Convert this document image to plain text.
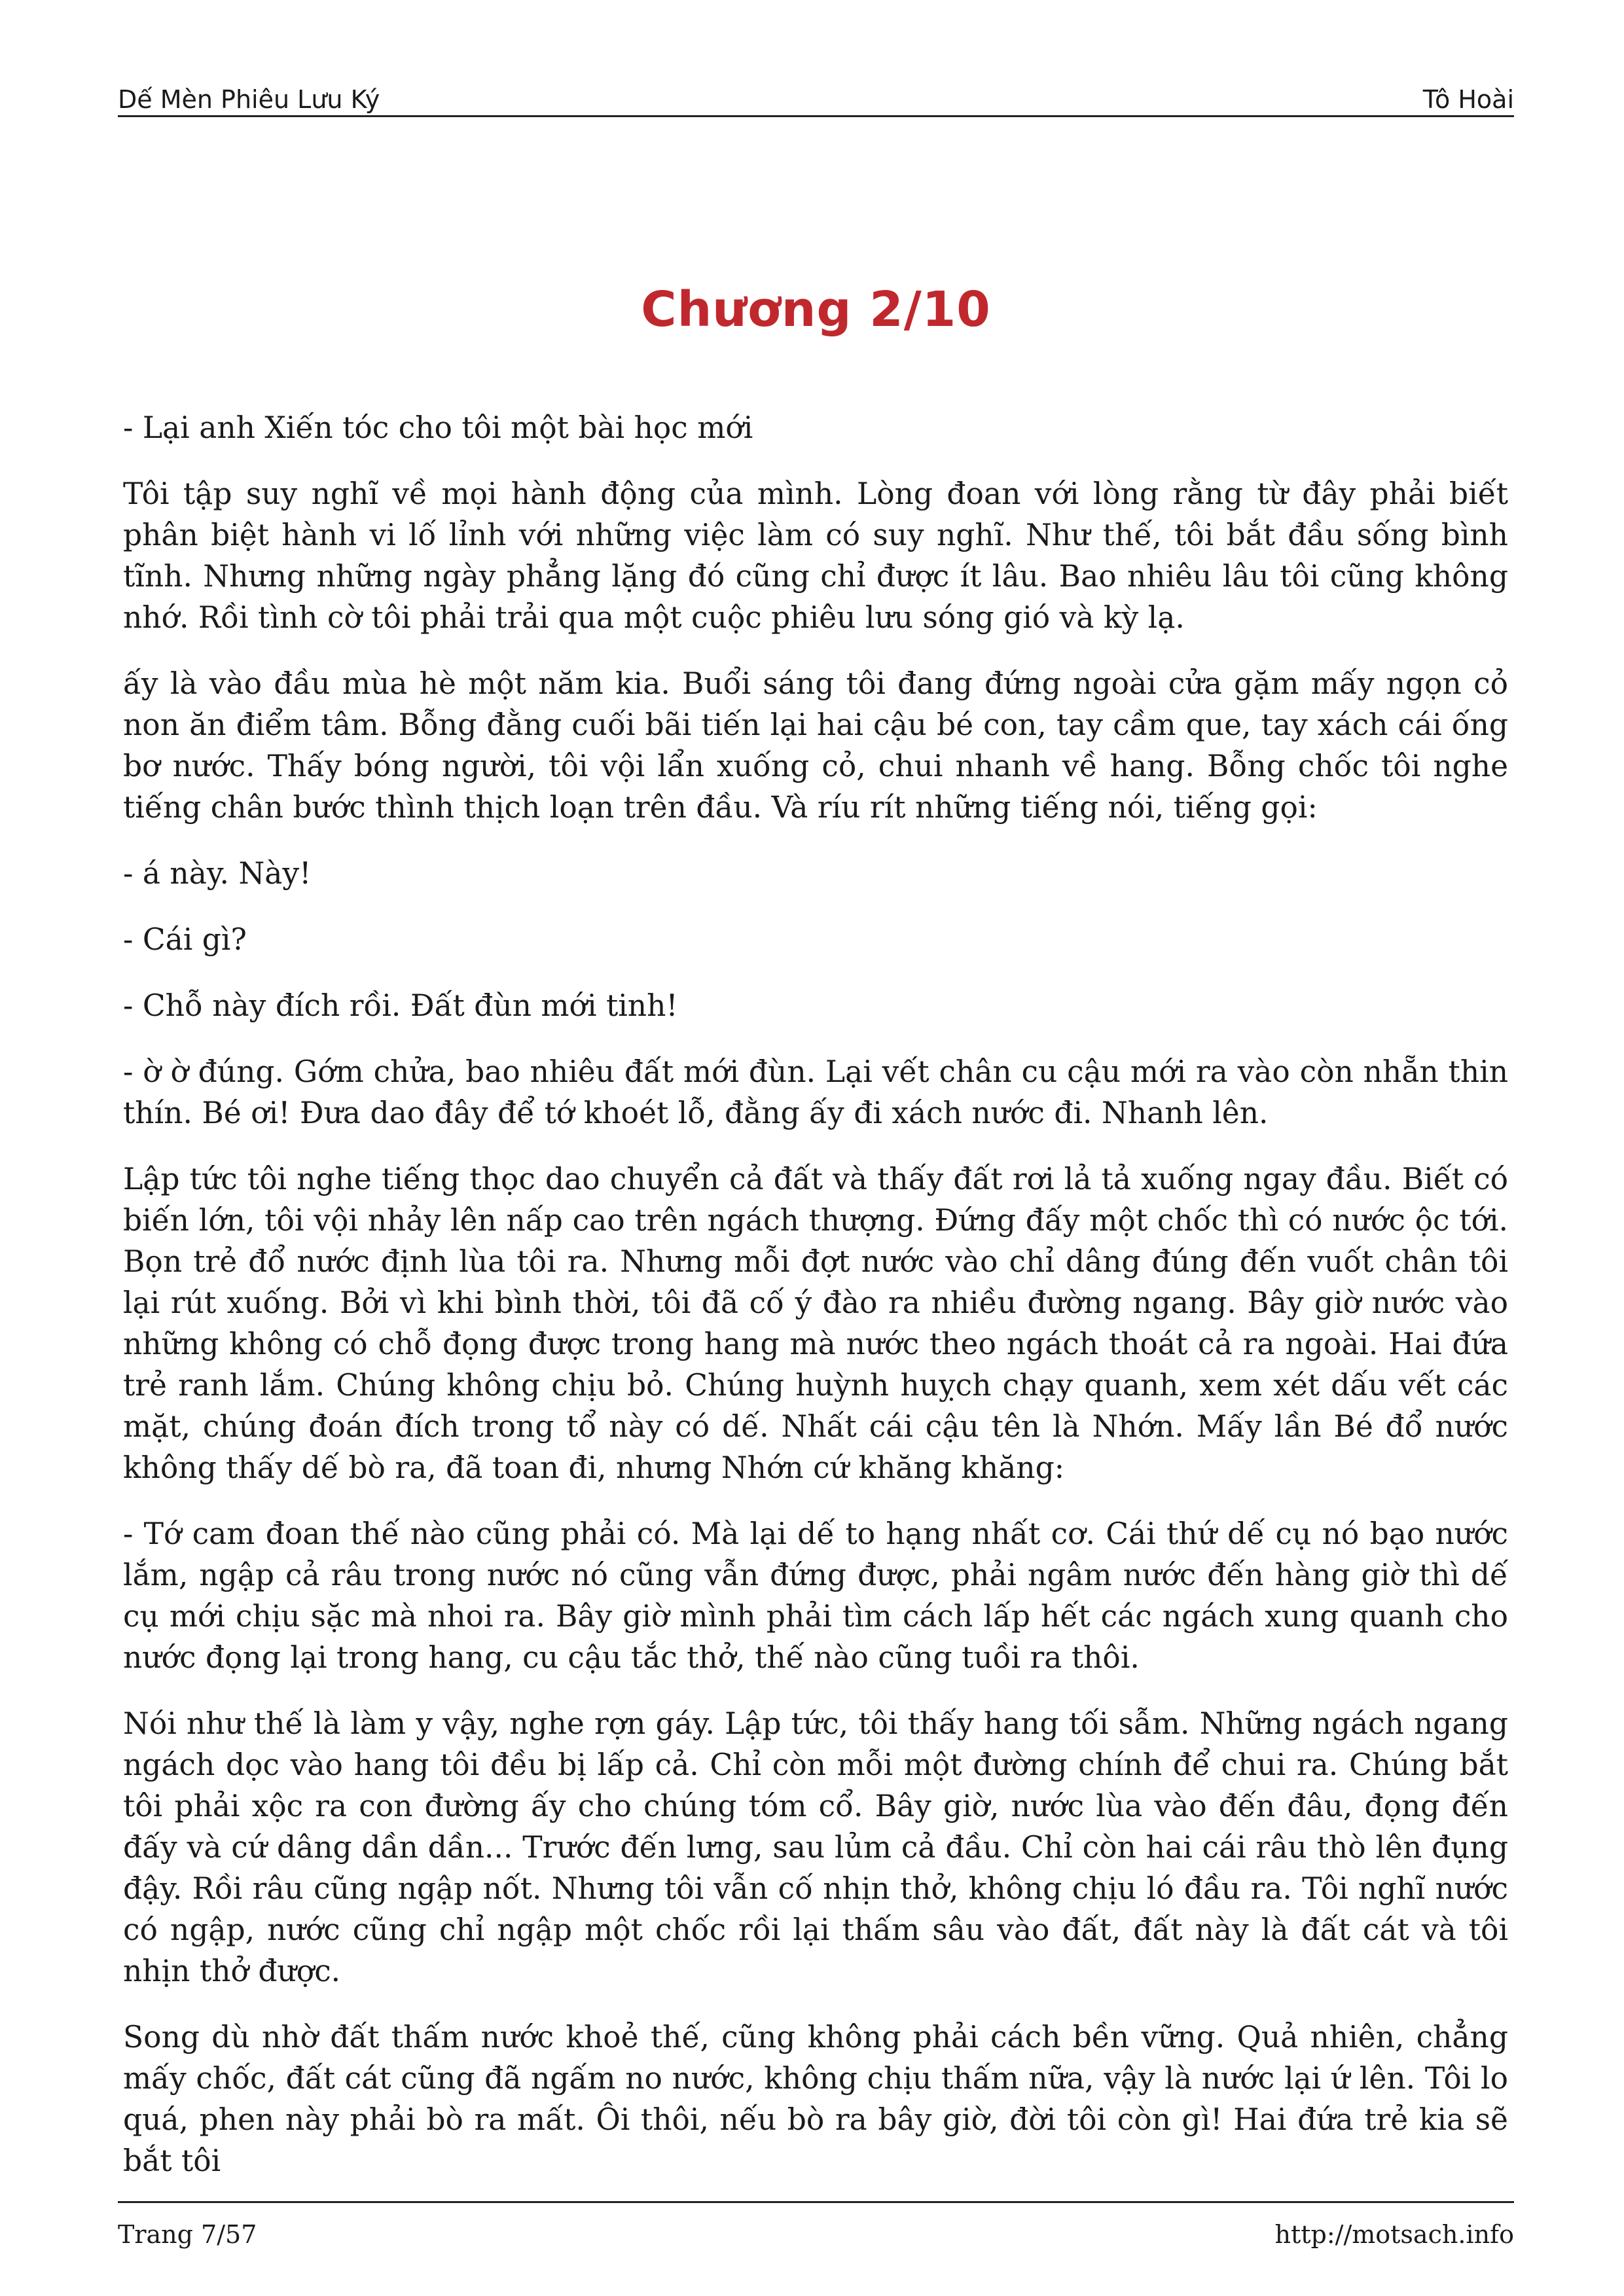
Dế Mèn Phiêu Lưu Ký	Tô Hoài
Chương 2/10

- Lại anh Xiến tóc cho tôi một bài học mới

Tôi tập suy nghĩ về mọi hành động của mình. Lòng đoan với lòng rằng từ đây phải biết phân biệt hành vi lố lỉnh với những việc làm có suy nghĩ. Như thế, tôi bắt đầu sống bình tĩnh. Nhưng những ngày phẳng lặng đó cũng chỉ được ít lâu. Bao nhiêu lâu tôi cũng không nhớ. Rồi tình cờ tôi phải trải qua một cuộc phiêu lưu sóng gió và kỳ lạ.

ấy là vào đầu mùa hè một năm kia. Buổi sáng tôi đang đứng ngoài cửa gặm mấy ngọn cỏ non ăn điểm tâm. Bỗng đằng cuối bãi tiến lại hai cậu bé con, tay cầm que, tay xách cái ống bơ nước. Thấy bóng người, tôi vội lẩn xuống cỏ, chui nhanh về hang. Bỗng chốc tôi nghe tiếng chân bước thình thịch loạn trên đầu. Và ríu rít những tiếng nói, tiếng gọi:

- á này. Này!

- Cái gì?

- Chỗ này đích rồi. Đất đùn mới tinh!

- ờ ờ đúng. Gớm chửa, bao nhiêu đất mới đùn. Lại vết chân cu cậu mới ra vào còn nhẵn thin thín. Bé ơi! Đưa dao đây để tớ khoét lỗ, đằng ấy đi xách nước đi. Nhanh lên.

Lập tức tôi nghe tiếng thọc dao chuyển cả đất và thấy đất rơi lả tả xuống ngay đầu. Biết có biến lớn, tôi vội nhảy lên nấp cao trên ngách thượng. Đứng đấy một chốc thì có nước ộc tới. Bọn trẻ đổ nước định lùa tôi ra. Nhưng mỗi đợt nước vào chỉ dâng đúng đến vuốt chân tôi lại rút xuống. Bởi vì khi bình thời, tôi đã cố ý đào ra nhiều đường ngang. Bây giờ nước vào những không có chỗ đọng được trong hang mà nước theo ngách thoát cả ra ngoài. Hai đứa trẻ ranh lắm. Chúng không chịu bỏ. Chúng huỳnh huỵch chạy quanh, xem xét dấu vết các mặt, chúng đoán đích trong tổ này có dế. Nhất cái cậu tên là Nhớn. Mấy lần Bé đổ nước không thấy dế bò ra, đã toan đi, nhưng Nhớn cứ khăng khăng:

- Tớ cam đoan thế nào cũng phải có. Mà lại dế to hạng nhất cơ. Cái thứ dế cụ nó bạo nước lắm, ngập cả râu trong nước nó cũng vẫn đứng được, phải ngâm nước đến hàng giờ thì dế cụ mới chịu sặc mà nhoi ra. Bây giờ mình phải tìm cách lấp hết các ngách xung quanh cho nước đọng lại trong hang, cu cậu tắc thở, thế nào cũng tuồi ra thôi.

Nói như thế là làm y vậy, nghe rợn gáy. Lập tức, tôi thấy hang tối sẫm. Những ngách ngang ngách dọc vào hang tôi đều bị lấp cả. Chỉ còn mỗi một đường chính để chui ra. Chúng bắt tôi phải xộc ra con đường ấy cho chúng tóm cổ. Bây giờ, nước lùa vào đến đâu, đọng đến đấy và cứ dâng dần dần... Trước đến lưng, sau lủm cả đầu. Chỉ còn hai cái râu thò lên đụng đậy. Rồi râu cũng ngập nốt. Nhưng tôi vẫn cố nhịn thở, không chịu ló đầu ra. Tôi nghĩ nước có ngập, nước cũng chỉ ngập một chốc rồi lại thấm sâu vào đất, đất này là đất cát và tôi nhịn thở được.

Song dù nhờ đất thấm nước khoẻ thế, cũng không phải cách bền vững. Quả nhiên, chẳng mấy chốc, đất cát cũng đã ngấm no nước, không chịu thấm nữa, vậy là nước lại ứ lên. Tôi lo quá, phen này phải bò ra mất. Ôi thôi, nếu bò ra bây giờ, đời tôi còn gì! Hai đứa trẻ kia sẽ bắt tôi

Trang 7/57	http://motsach.info
